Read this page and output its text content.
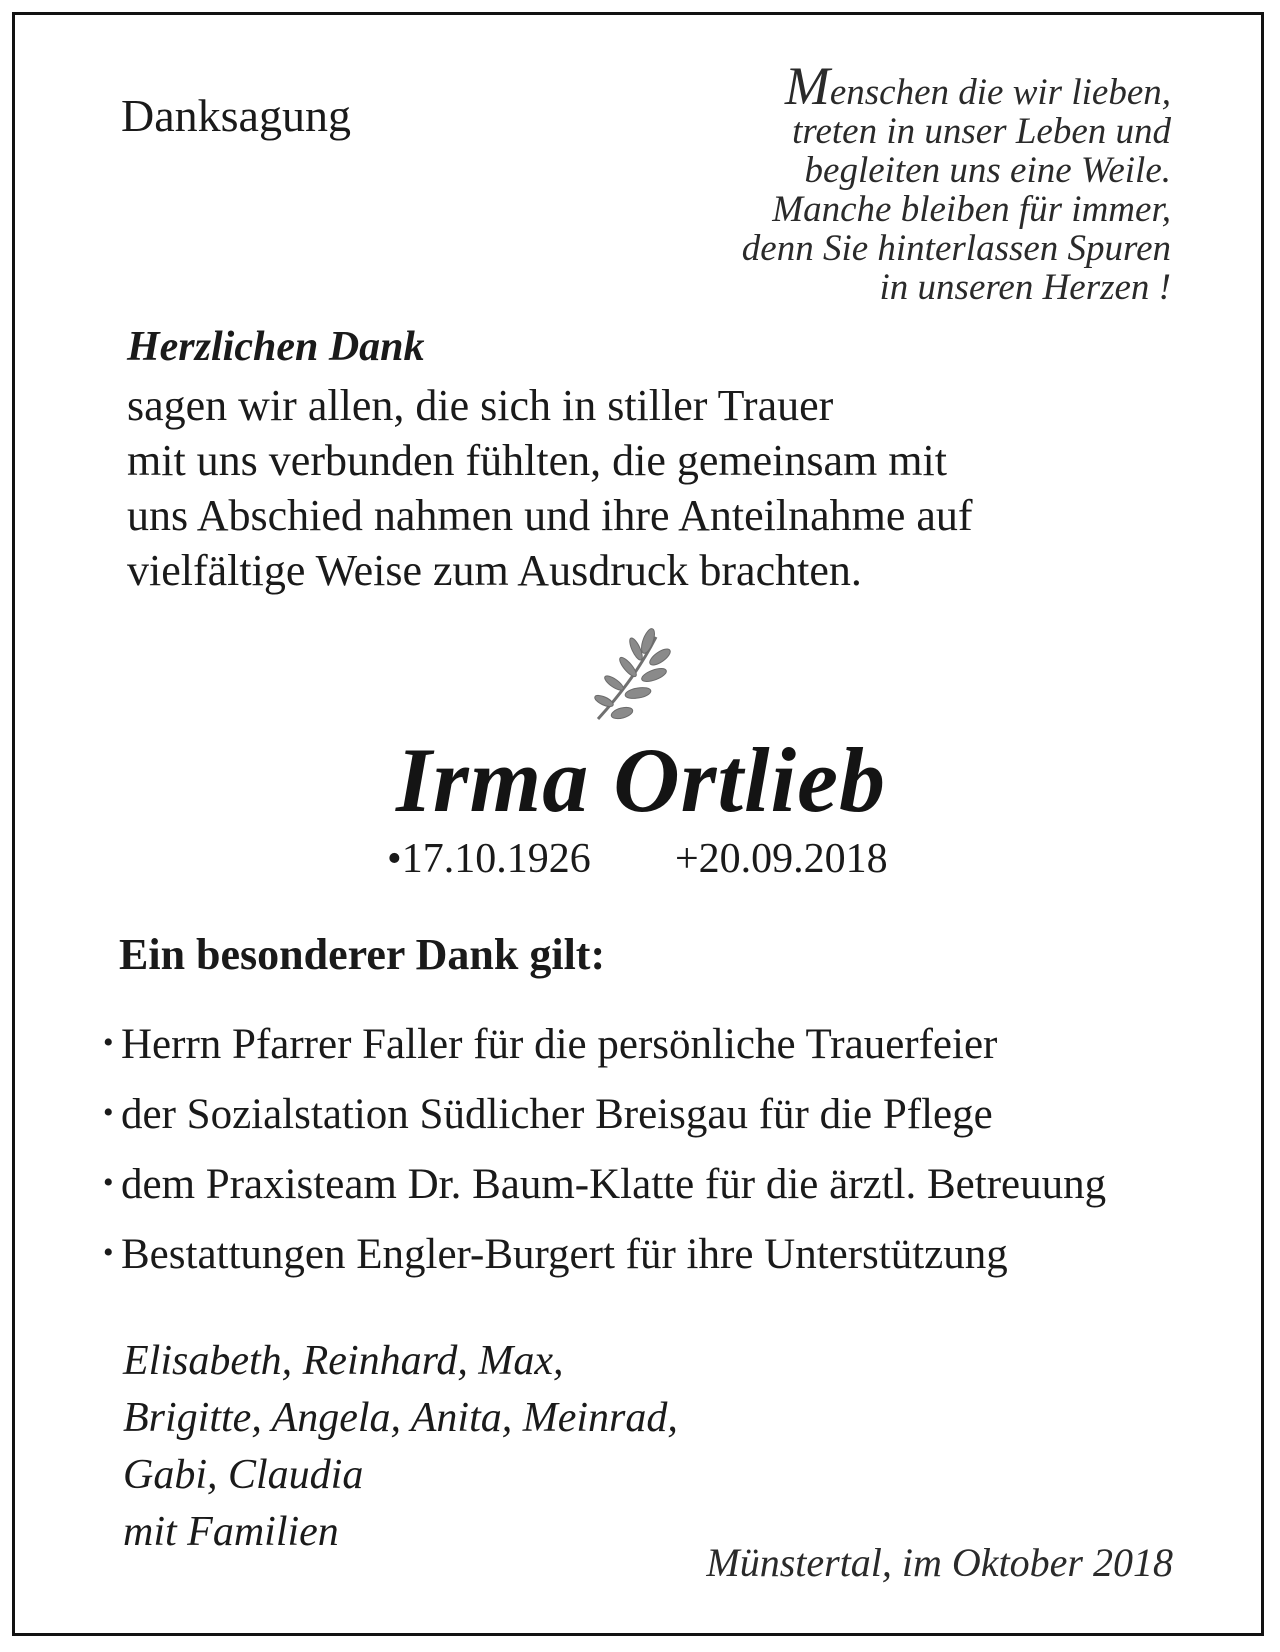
Danksagung	Menschen die wir lieben,
treten in unser Leben und
begleiten uns eine Weile.
Manche bleiben für immer,
denn Sie hinterlassen Spuren
in unseren Herzen !
Herzlichen Dank
sagen wir allen, die sich in stiller Trauer
mit uns verbunden fühlten, die gemeinsam mit
uns Abschied nahmen und ihre Anteilnahme auf
vielfältige Weise zum Ausdruck brachten.
Irma Ortlieb
•17.10.1926 +20.09.2018
Ein besonderer Dank gilt:
• Herrn Pfarrer Faller für die persönliche Trauerfeier
• der Sozialstation Südlicher Breisgau für die Pflege
• dem Praxisteam Dr. Baum-Klatte für die ärztl. Betreuung
• Bestattungen Engler-Burgert für ihre Unterstützung
Elisabeth, Reinhard, Max,
Brigitte, Angela, Anita, Meinrad,
Gabi, Claudia
mit Familien
Münstertal, im Oktober 2018
